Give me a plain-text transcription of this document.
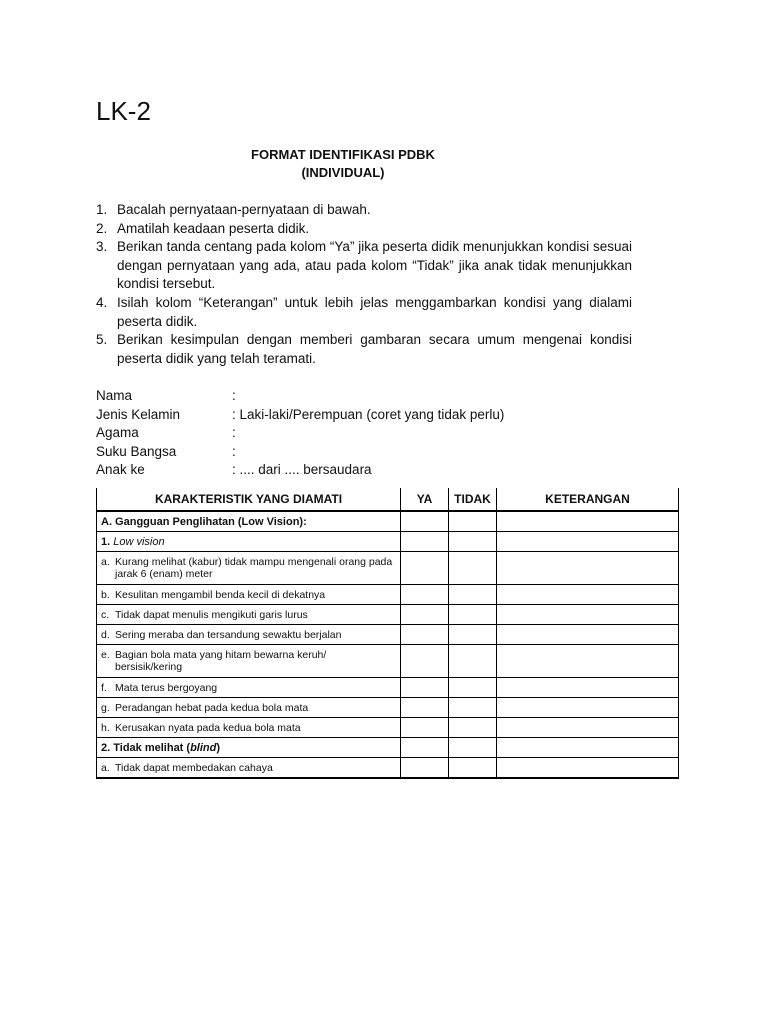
LK-2
FORMAT IDENTIFIKASI PDBK
(INDIVIDUAL)
1. Bacalah pernyataan-pernyataan di bawah.
2. Amatilah keadaan peserta didik.
3. Berikan tanda centang pada kolom “Ya” jika peserta didik menunjukkan kondisi sesuai dengan pernyataan yang ada, atau pada kolom “Tidak” jika anak tidak menunjukkan kondisi tersebut.
4. Isilah kolom “Keterangan” untuk lebih jelas menggambarkan kondisi yang dialami peserta didik.
5. Berikan kesimpulan dengan memberi gambaran secara umum mengenai kondisi peserta didik yang telah teramati.
Nama	:
Jenis Kelamin	: Laki-laki/Perempuan (coret yang tidak perlu)
Agama	:
Suku Bangsa	:
Anak ke	: .... dari .... bersaudara
KARAKTERISTIK YANG DIAMATI	YA	TIDAK	KETERANGAN
A. Gangguan Penglihatan (Low Vision):			
1. Low vision			

a. Kurang melihat (kabur) tidak mampu mengenali orang pada jarak 6 (enam) meter			

b. Kesulitan mengambil benda kecil di dekatnya			

c. Tidak dapat menulis mengikuti garis lurus			

d. Sering meraba dan tersandung sewaktu berjalan			

e. Bagian bola mata yang hitam bewarna keruh/ bersisik/kering			

f. Mata terus bergoyang			

g. Peradangan hebat pada kedua bola mata			

h. Kerusakan nyata pada kedua bola mata			

2. Tidak melihat (blind)			

a. Tidak dapat membedakan cahaya			
